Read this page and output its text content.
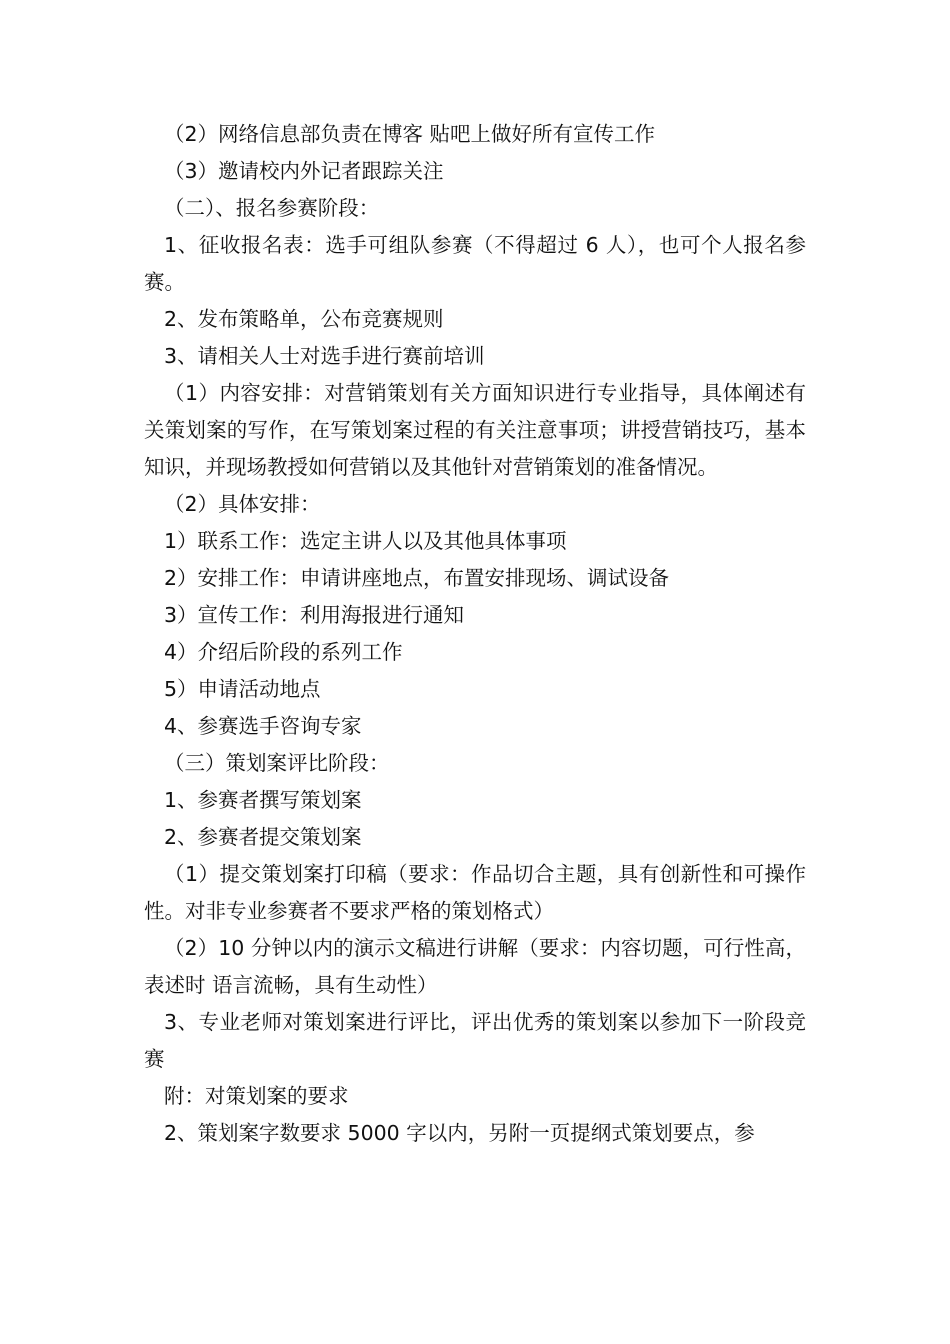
（2）网络信息部负责在博客 贴吧上做好所有宣传工作

（3）邀请校内外记者跟踪关注

（二）、报名参赛阶段：

1、征收报名表：选手可组队参赛（不得超过 6 人），也可个人报名参赛。

2、发布策略单，公布竞赛规则

3、请相关人士对选手进行赛前培训

（1）内容安排：对营销策划有关方面知识进行专业指导，具体阐述有关策划案的写作，在写策划案过程的有关注意事项；讲授营销技巧，基本知识，并现场教授如何营销以及其他针对营销策划的准备情况。

（2）具体安排：

1）联系工作：选定主讲人以及其他具体事项

2）安排工作：申请讲座地点，布置安排现场、调试设备

3）宣传工作：利用海报进行通知

4）介绍后阶段的系列工作

5）申请活动地点

4、参赛选手咨询专家

（三）策划案评比阶段：

1、参赛者撰写策划案

2、参赛者提交策划案

（1）提交策划案打印稿（要求：作品切合主题，具有创新性和可操作性。对非专业参赛者不要求严格的策划格式）

（2）10 分钟以内的演示文稿进行讲解（要求：内容切题，可行性高，表述时 语言流畅，具有生动性）

3、专业老师对策划案进行评比，评出优秀的策划案以参加下一阶段竞赛

附：对策划案的要求

2、策划案字数要求 5000 字以内，另附一页提纲式策划要点，参
